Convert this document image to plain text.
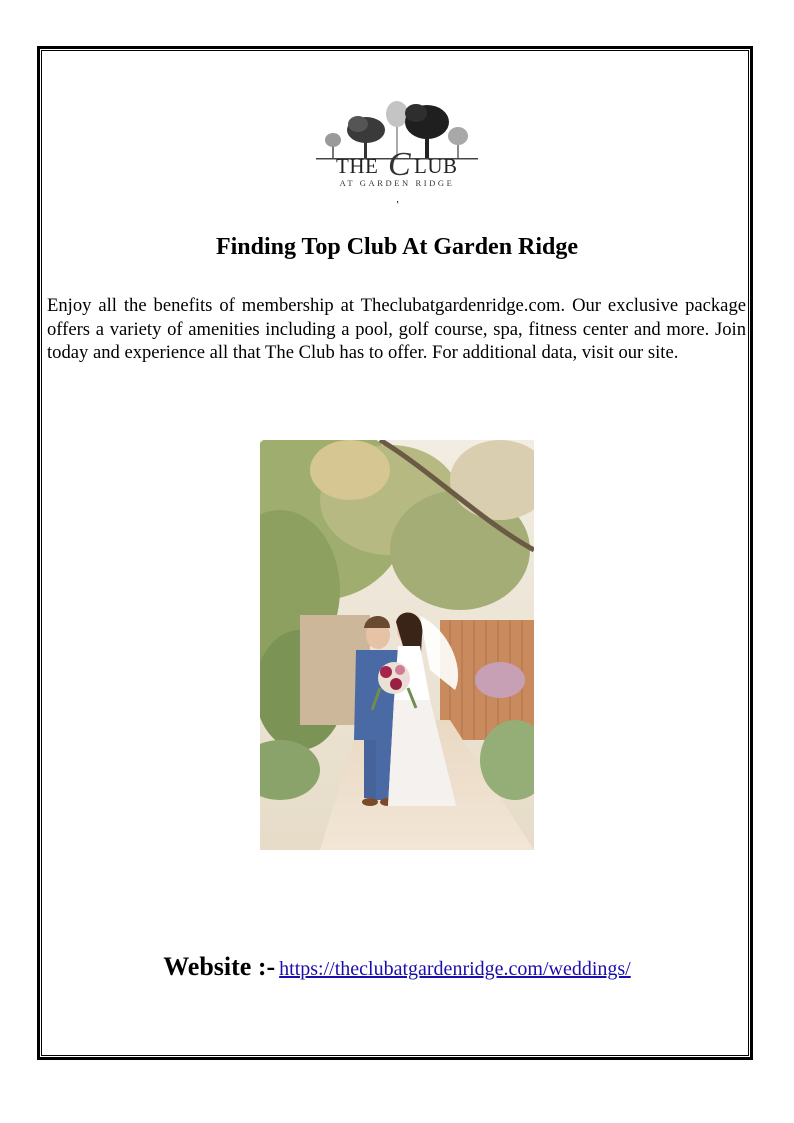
THE C LUB
AT GARDEN RIDGE
‛
Finding Top Club At Garden Ridge

Enjoy all the benefits of membership at Theclubatgardenridge.com. Our exclusive package offers a variety of amenities including a pool, golf course, spa, fitness center and more. Join today and experience all that The Club has to offer. For additional data, visit our site.

Website :- https://theclubatgardenridge.com/weddings/
